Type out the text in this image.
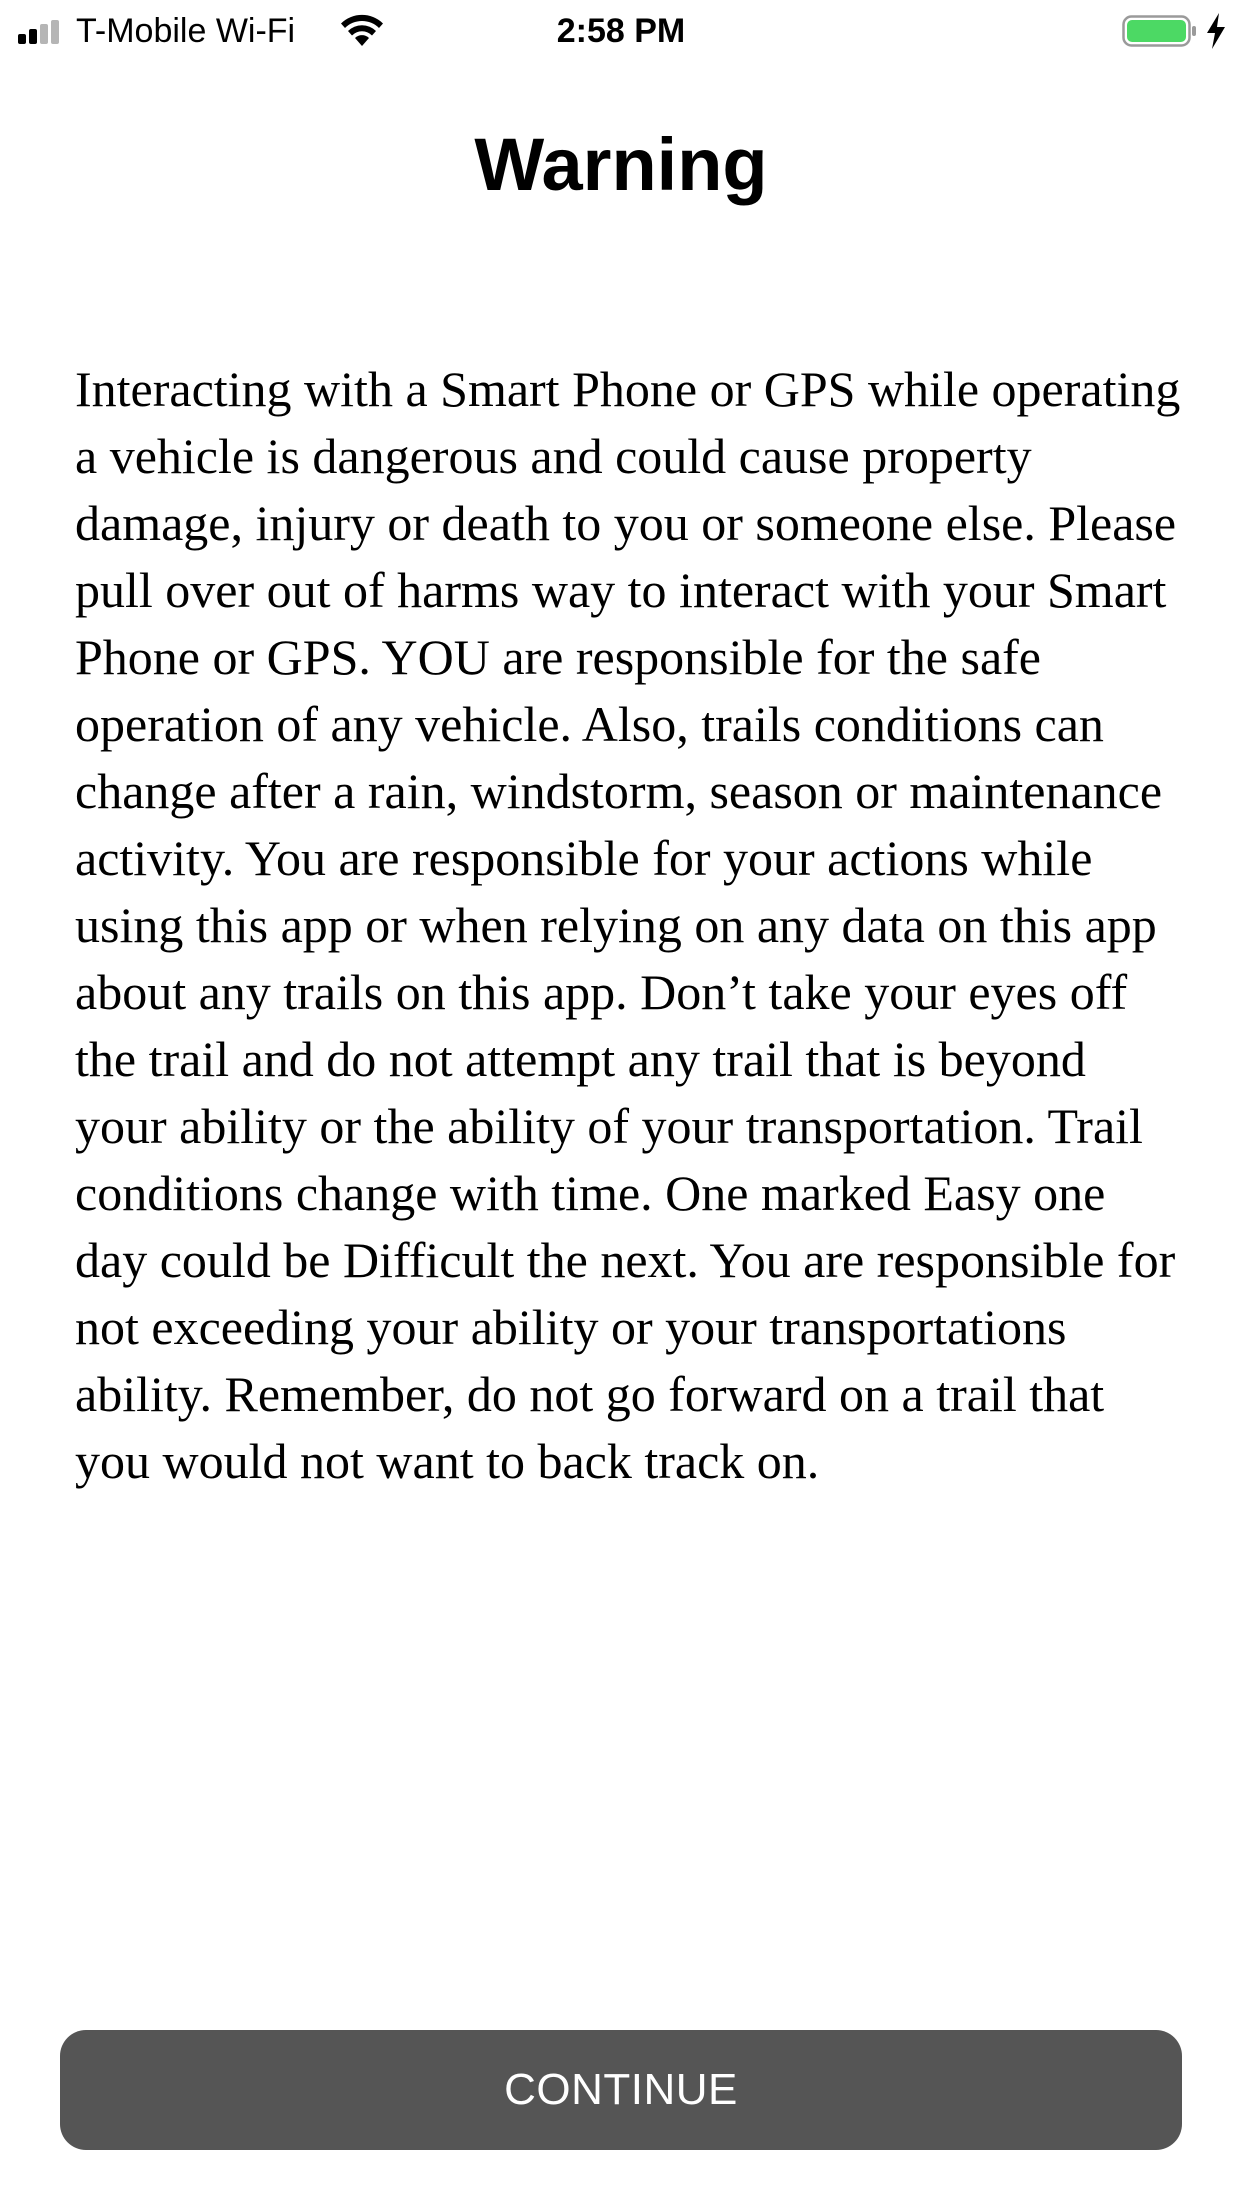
T-Mobile Wi-Fi	2:58 PM
Warning

Interacting with a Smart Phone or GPS while operating a vehicle is dangerous and could cause property damage, injury or death to you or someone else. Please pull over out of harms way to interact with your Smart Phone or GPS. YOU are responsible for the safe operation of any vehicle. Also, trails conditions can change after a rain, windstorm, season or maintenance activity. You are responsible for your actions while using this app or when relying on any data on this app about any trails on this app. Don’t take your eyes off the trail and do not attempt any trail that is beyond your ability or the ability of your transportation. Trail conditions change with time. One marked Easy one day could be Difficult the next. You are responsible for not exceeding your ability or your transportations ability. Remember, do not go forward on a trail that you would not want to back track on.

CONTINUE
